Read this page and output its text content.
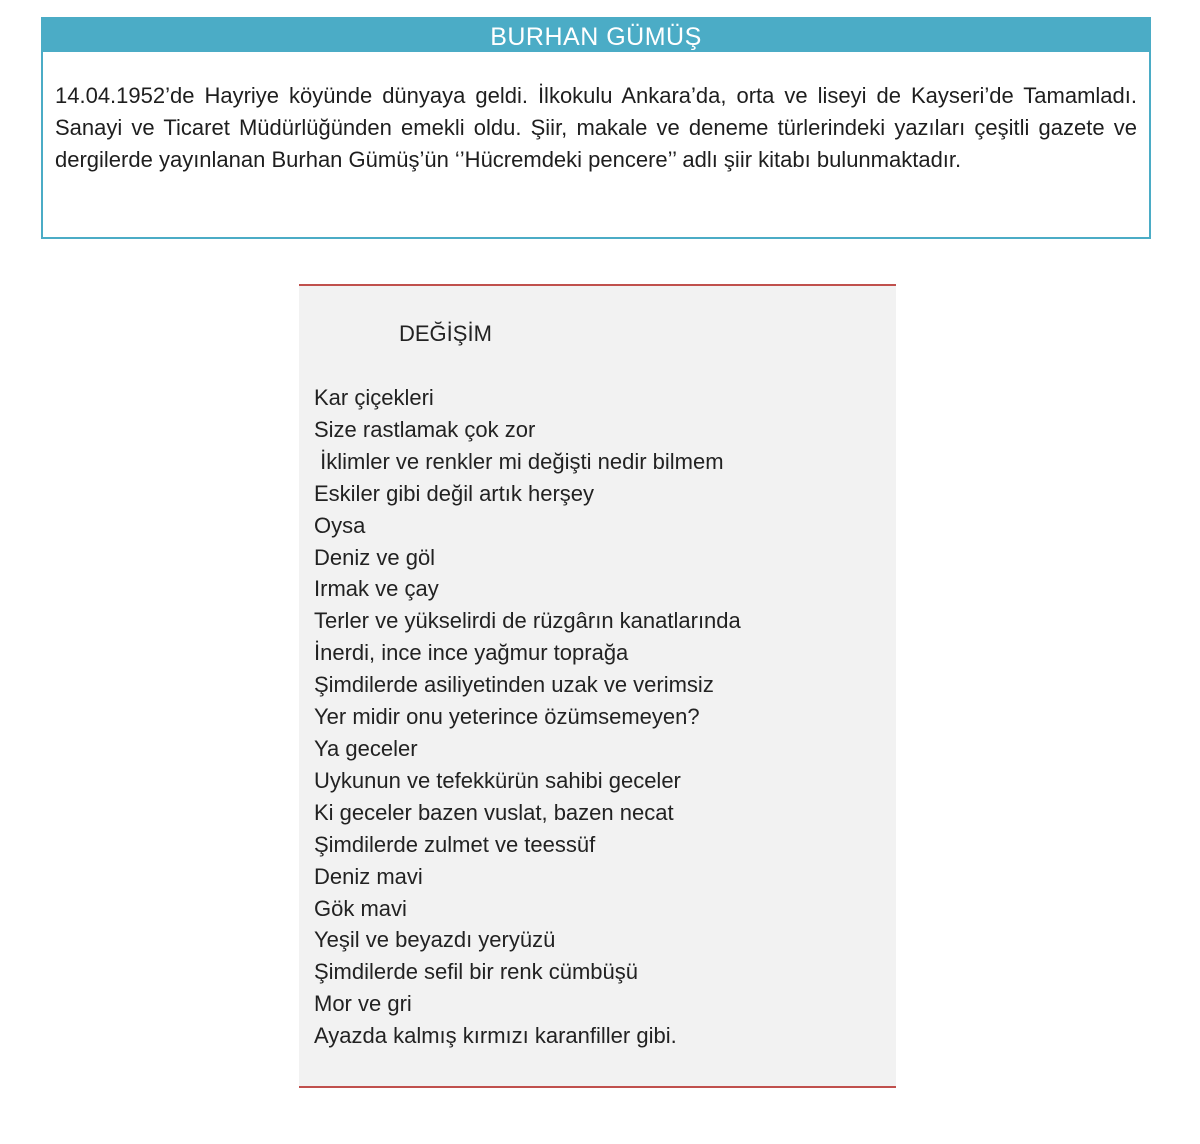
BURHAN GÜMÜŞ
14.04.1952’de Hayriye köyünde dünyaya geldi. İlkokulu Ankara’da, orta ve liseyi de Kayseri’de Tamamladı. Sanayi ve Ticaret Müdürlüğünden emekli oldu. Şiir, makale ve deneme türlerindeki yazıları çeşitli gazete ve dergilerde yayınlanan Burhan Gümüş’ün ‘’Hücremdeki pencere’’ adlı şiir kitabı bulunmaktadır.
DEĞİŞİM
Kar çiçekleri
Size rastlamak çok zor
İklimler ve renkler mi değişti nedir bilmem
Eskiler gibi değil artık herşey
Oysa
Deniz ve göl
Irmak ve çay
Terler ve yükselirdi de rüzgârın kanatlarında
İnerdi, ince ince yağmur toprağa
Şimdilerde asiliyetinden uzak ve verimsiz
Yer midir onu yeterince özümsemeyen?
Ya geceler
Uykunun ve tefekkürün sahibi geceler
Ki geceler bazen vuslat, bazen necat
Şimdilerde zulmet ve teessüf
Deniz mavi
Gök mavi
Yeşil ve beyazdı yeryüzü
Şimdilerde sefil bir renk cümbüşü
Mor ve gri
Ayazda kalmış kırmızı karanfiller gibi.
